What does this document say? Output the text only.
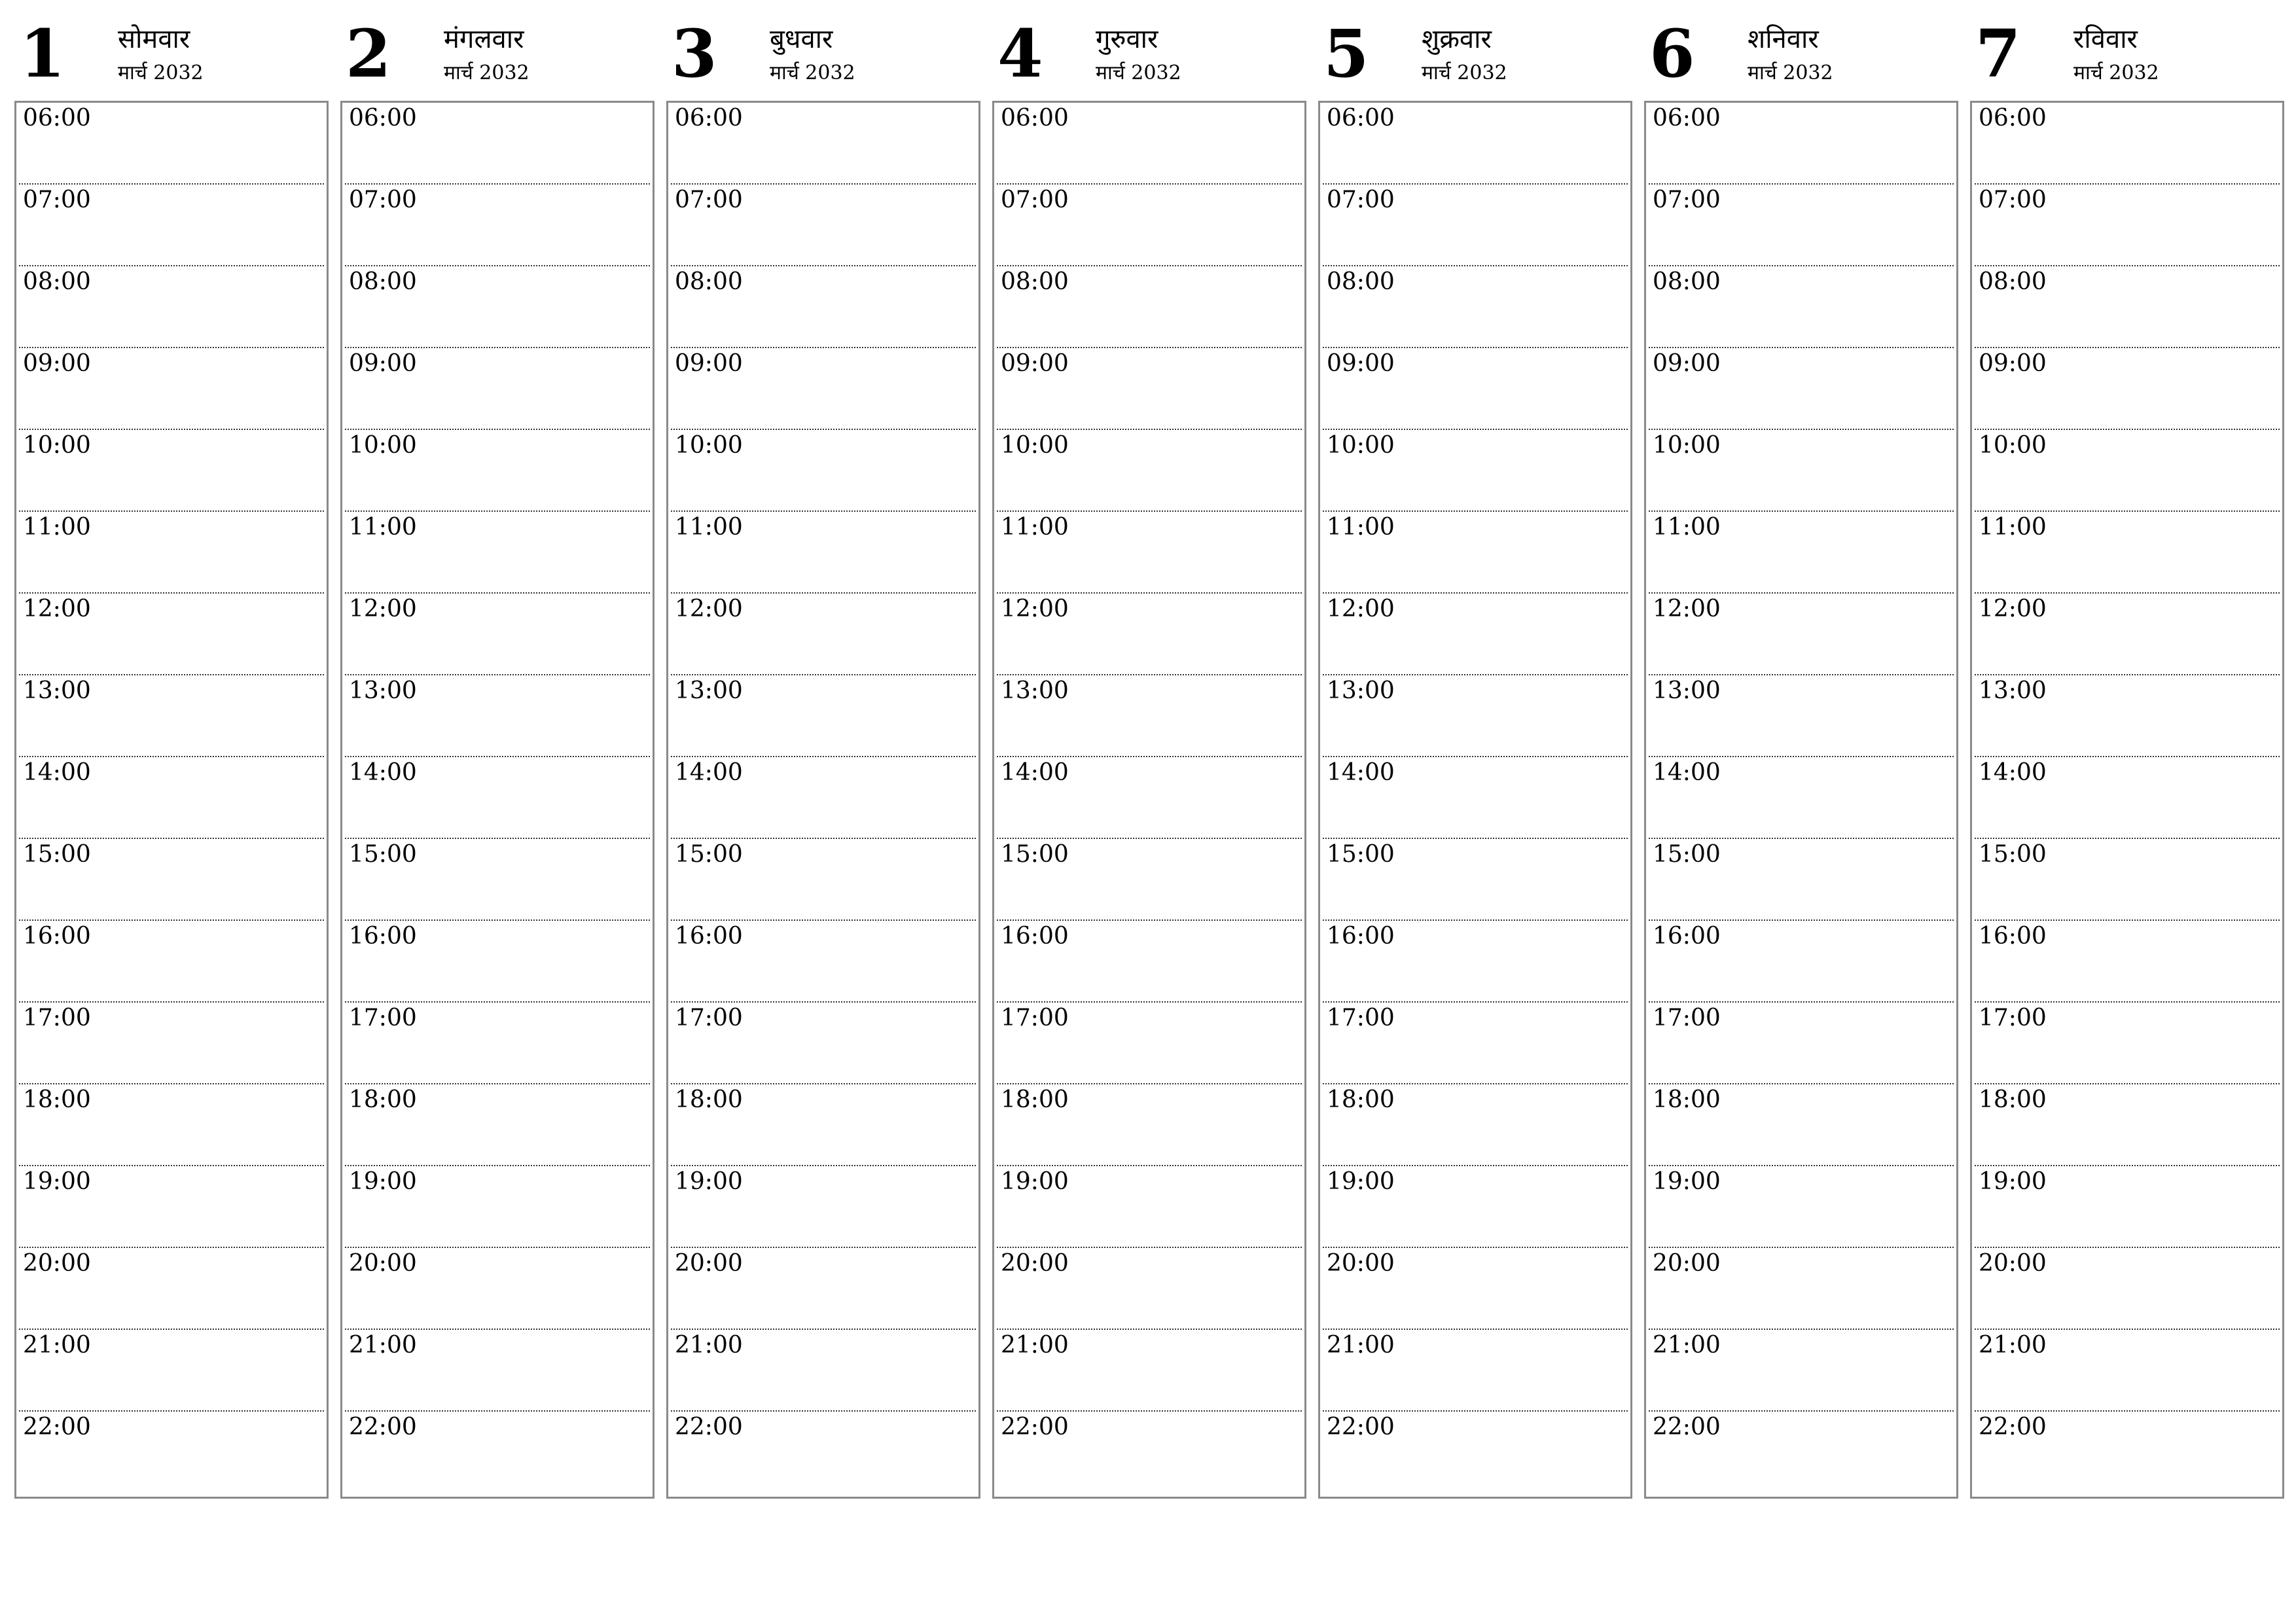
1 सोमवार
मार्च 2032
06:00
07:00
08:00
09:00
10:00
11:00
12:00
13:00
14:00
15:00
16:00
17:00
18:00
19:00
20:00
21:00
22:00
2 मंगलवार
मार्च 2032
06:00
07:00
08:00
09:00
10:00
11:00
12:00
13:00
14:00
15:00
16:00
17:00
18:00
19:00
20:00
21:00
22:00
3 बुधवार
मार्च 2032
06:00
07:00
08:00
09:00
10:00
11:00
12:00
13:00
14:00
15:00
16:00
17:00
18:00
19:00
20:00
21:00
22:00
4 गुरुवार
मार्च 2032
06:00
07:00
08:00
09:00
10:00
11:00
12:00
13:00
14:00
15:00
16:00
17:00
18:00
19:00
20:00
21:00
22:00
5 शुक्रवार
मार्च 2032
06:00
07:00
08:00
09:00
10:00
11:00
12:00
13:00
14:00
15:00
16:00
17:00
18:00
19:00
20:00
21:00
22:00
6 शनिवार
मार्च 2032
06:00
07:00
08:00
09:00
10:00
11:00
12:00
13:00
14:00
15:00
16:00
17:00
18:00
19:00
20:00
21:00
22:00
7 रविवार
मार्च 2032
06:00
07:00
08:00
09:00
10:00
11:00
12:00
13:00
14:00
15:00
16:00
17:00
18:00
19:00
20:00
21:00
22:00
